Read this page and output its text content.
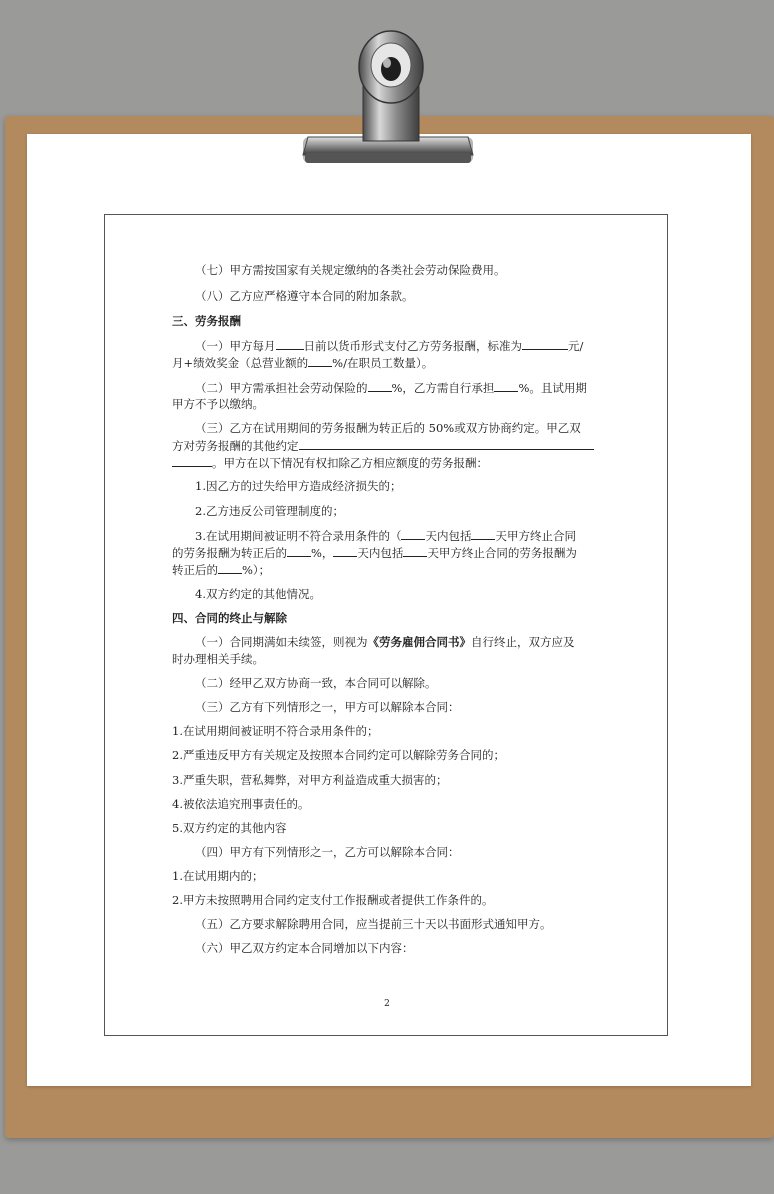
（七）甲方需按国家有关规定缴纳的各类社会劳动保险费用。
（八）乙方应严格遵守本合同的附加条款。
三、劳务报酬
（一）甲方每月 日前以货币形式支付乙方劳务报酬，标准为	元/
月+绩效奖金（总营业额的 %/在职员工数量）。
（二）甲方需承担社会劳动保险的 %，乙方需自行承担 %。且试用期
甲方不予以缴纳。
（三）乙方在试用期间的劳务报酬为转正后的 50%或双方协商约定。甲乙双
方对劳务报酬的其他约定
。甲方在以下情况有权扣除乙方相应额度的劳务报酬：
1.因乙方的过失给甲方造成经济损失的；
2.乙方违反公司管理制度的；
3.在试用期间被证明不符合录用条件的（ 天内包括 天甲方终止合同
的劳务报酬为转正后的 %， 天内包括 天甲方终止合同的劳务报酬为
转正后的 %）；
4.双方约定的其他情况。
四、合同的终止与解除
（一）合同期满如未续签，则视为《劳务雇佣合同书》自行终止，双方应及
时办理相关手续。
（二）经甲乙双方协商一致，本合同可以解除。
（三）乙方有下列情形之一，甲方可以解除本合同：
1.在试用期间被证明不符合录用条件的；
2.严重违反甲方有关规定及按照本合同约定可以解除劳务合同的；
3.严重失职，营私舞弊，对甲方利益造成重大损害的；
4.被依法追究刑事责任的。
5.双方约定的其他内容
（四）甲方有下列情形之一，乙方可以解除本合同：
1.在试用期内的；
2.甲方未按照聘用合同约定支付工作报酬或者提供工作条件的。
（五）乙方要求解除聘用合同，应当提前三十天以书面形式通知甲方。
（六）甲乙双方约定本合同增加以下内容：
2
